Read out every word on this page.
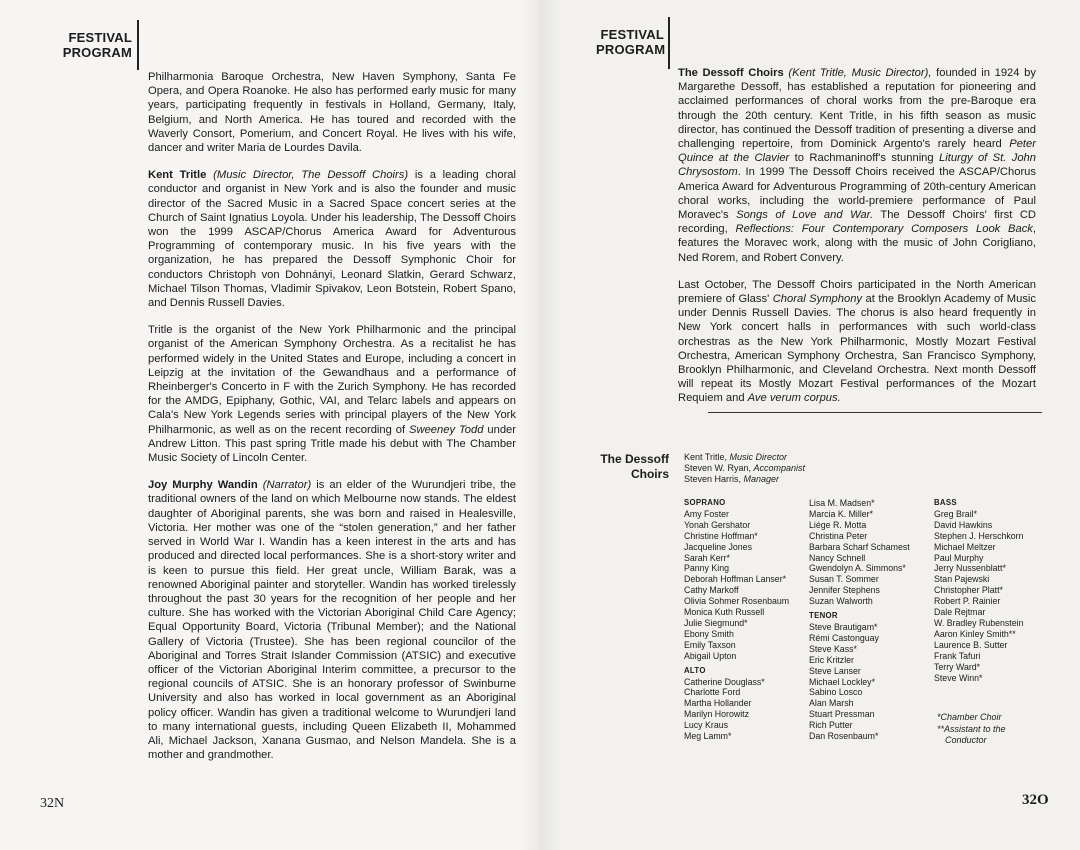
FESTIVAL
PROGRAM

Philharmonia Baroque Orchestra, New Haven Symphony, Santa Fe Opera, and Opera Roanoke. He also has performed early music for many years, participating frequently in festivals in Holland, Germany, Italy, Belgium, and North America. He has toured and recorded with the Waverly Consort, Pomerium, and Concert Royal. He lives with his wife, dancer and writer Maria de Lourdes Davila.

Kent Tritle (Music Director, The Dessoff Choirs) is a leading choral conductor and organist in New York and is also the founder and music director of the Sacred Music in a Sacred Space concert series at the Church of Saint Ignatius Loyola. Under his leadership, The Dessoff Choirs won the 1999 ASCAP/Chorus America Award for Adventurous Programming of contemporary music. In his five years with the organization, he has prepared the Dessoff Symphonic Choir for conductors Christoph von Dohnányi, Leonard Slatkin, Gerard Schwarz, Michael Tilson Thomas, Vladimir Spivakov, Leon Botstein, Robert Spano, and Dennis Russell Davies.

Tritle is the organist of the New York Philharmonic and the principal organist of the American Symphony Orchestra. As a recitalist he has performed widely in the United States and Europe, including a concert in Leipzig at the invitation of the Gewandhaus and a performance of Rheinberger's Concerto in F with the Zurich Symphony. He has recorded for the AMDG, Epiphany, Gothic, VAI, and Telarc labels and appears on Cala's New York Legends series with principal players of the New York Philharmonic, as well as on the recent recording of Sweeney Todd under Andrew Litton. This past spring Tritle made his debut with The Chamber Music Society of Lincoln Center.

Joy Murphy Wandin (Narrator) is an elder of the Wurundjeri tribe, the traditional owners of the land on which Melbourne now stands. The eldest daughter of Aboriginal parents, she was born and raised in Healesville, Victoria. Her mother was one of the “stolen generation,” and her father served in World War I. Wandin has a keen interest in the arts and has produced and directed local performances. She is a short-story writer and is keen to pursue this field. Her great uncle, William Barak, was a renowned Aboriginal painter and storyteller. Wandin has worked tirelessly throughout the past 30 years for the recognition of her people and her culture. She has worked with the Victorian Aboriginal Child Care Agency; Equal Opportunity Board, Victoria (Tribunal Member); and the National Gallery of Victoria (Trustee). She has been regional councilor of the Aboriginal and Torres Strait Islander Commission (ATSIC) and executive officer of the Victorian Aboriginal Interim committee, a precursor to the regional councils of ATSIC. She is an honorary professor of Swinburne University and also has worked in local government as an Aboriginal policy officer. Wandin has given a traditional welcome to Wurundjeri land to many international guests, including Queen Elizabeth II, Mohammed Ali, Michael Jackson, Xanana Gusmao, and Nelson Mandela. She is a mother and grandmother.

32N
FESTIVAL
PROGRAM

The Dessoff Choirs (Kent Tritle, Music Director), founded in 1924 by Margarethe Dessoff, has established a reputation for pioneering and acclaimed performances of choral works from the pre-Baroque era through the 20th century. Kent Tritle, in his fifth season as music director, has continued the Dessoff tradition of presenting a diverse and challenging repertoire, from Dominick Argento's rarely heard Peter Quince at the Clavier to Rachmaninoff's stunning Liturgy of St. John Chrysostom. In 1999 The Dessoff Choirs received the ASCAP/Chorus America Award for Adventurous Programming of 20th-century American choral works, including the world-premiere performance of Paul Moravec's Songs of Love and War. The Dessoff Choirs' first CD recording, Reflections: Four Contemporary Composers Look Back, features the Moravec work, along with the music of John Corigliano, Ned Rorem, and Robert Convery.

Last October, The Dessoff Choirs participated in the North American premiere of Glass' Choral Symphony at the Brooklyn Academy of Music under Dennis Russell Davies. The chorus is also heard frequently in New York concert halls in performances with such world-class orchestras as the New York Philharmonic, Mostly Mozart Festival Orchestra, American Symphony Orchestra, San Francisco Symphony, Brooklyn Philharmonic, and Cleveland Orchestra. Next month Dessoff will repeat its Mostly Mozart Festival performances of the Mozart Requiem and Ave verum corpus.

The Dessoff
Choirs
Kent Tritle, Music Director
Steven W. Ryan, Accompanist
Steven Harris, Manager
SOPRANO
Amy Foster
Yonah Gershator
Christine Hoffman*
Jacqueline Jones
Sarah Kerr*
Panny King
Deborah Hoffman Lanser*
Cathy Markoff
Olivia Sohmer Rosenbaum
Monica Kuth Russell
Julie Siegmund*
Ebony Smith
Emily Taxson
Abigail Upton
ALTO
Catherine Douglass*
Charlotte Ford
Martha Hollander
Marilyn Horowitz
Lucy Kraus
Meg Lamm*
Lisa M. Madsen*
Marcia K. Miller*
Liége R. Motta
Christina Peter
Barbara Scharf Schamest
Nancy Schnell
Gwendolyn A. Simmons*
Susan T. Sommer
Jennifer Stephens
Suzan Walworth
TENOR
Steve Brautigam*
Rémi Castonguay
Steve Kass*
Eric Kritzler
Steve Lanser
Michael Lockley*
Sabino Losco
Alan Marsh
Stuart Pressman
Rich Putter
Dan Rosenbaum*
BASS
Greg Brail*
David Hawkins
Stephen J. Herschkorn
Michael Meltzer
Paul Murphy
Jerry Nussenblatt*
Stan Pajewski
Christopher Platt*
Robert P. Rainier
Dale Rejtmar
W. Bradley Rubenstein
Aaron Kinley Smith**
Laurence B. Sutter
Frank Tafuri
Terry Ward*
Steve Winn*
*Chamber Choir
**Assistant to the
Conductor
32O
